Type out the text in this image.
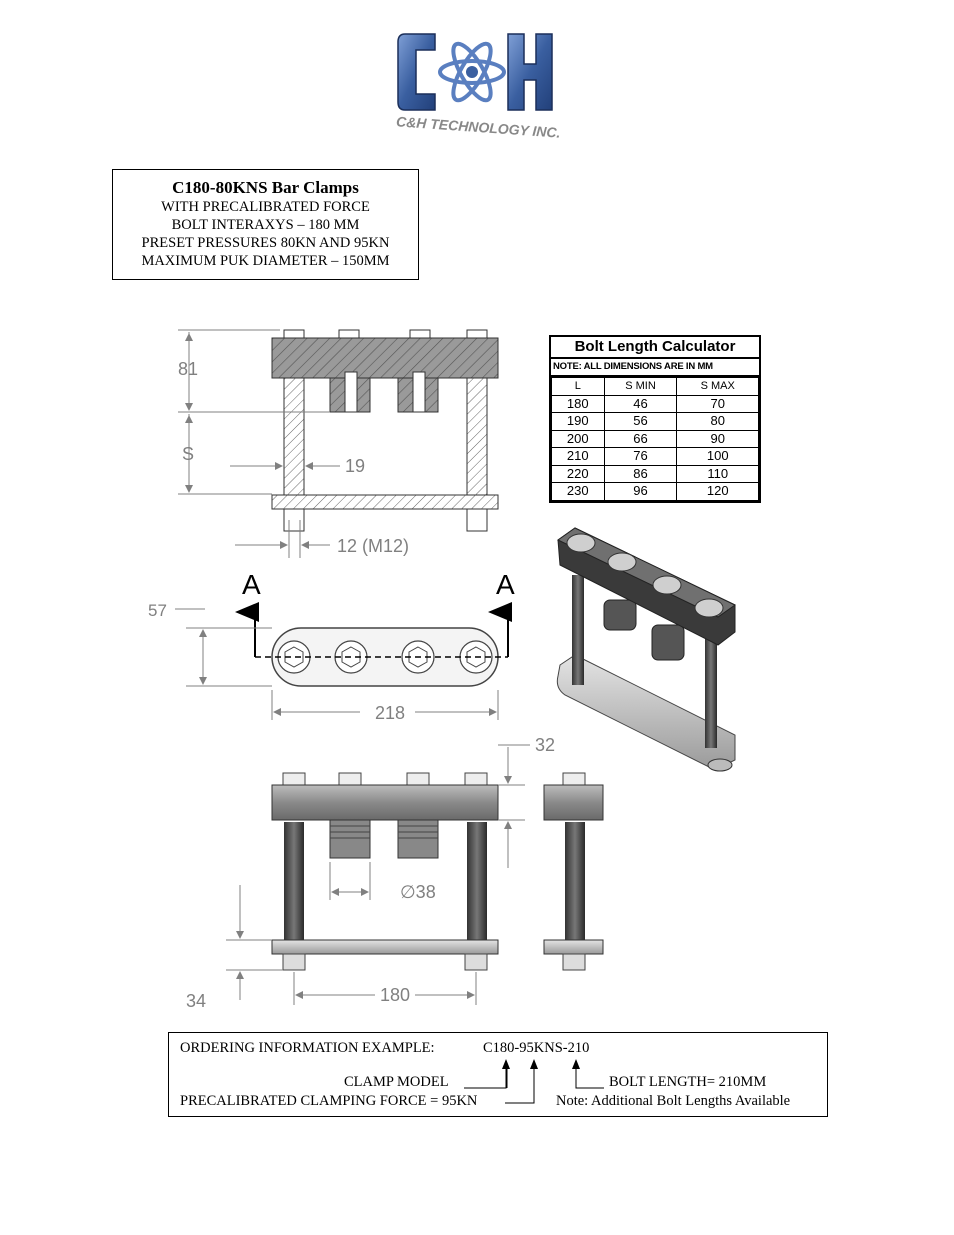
C&H TECHNOLOGY INC.
C180-80KNS Bar Clamps
WITH PRECALIBRATED FORCE
BOLT INTERAXYS – 180 MM
PRESET PRESSURES 80KN AND 95KN
MAXIMUM PUK DIAMETER – 150MM
81
S
19
12 (M12)
A	A
57
218
32
∅38
34	180
Bolt Length Calculator
NOTE: ALL DIMENSIONS ARE IN MM
L	S MIN	S MAX
180	46	70
190	56	80
200	66	90
210	76	100
220	86	110
230	96	120
ORDERING INFORMATION EXAMPLE:	C180-95KNS-210
CLAMP MODEL
PRECALIBRATED CLAMPING FORCE = 95KN
BOLT LENGTH= 210MM
Note: Additional Bolt Lengths Available
